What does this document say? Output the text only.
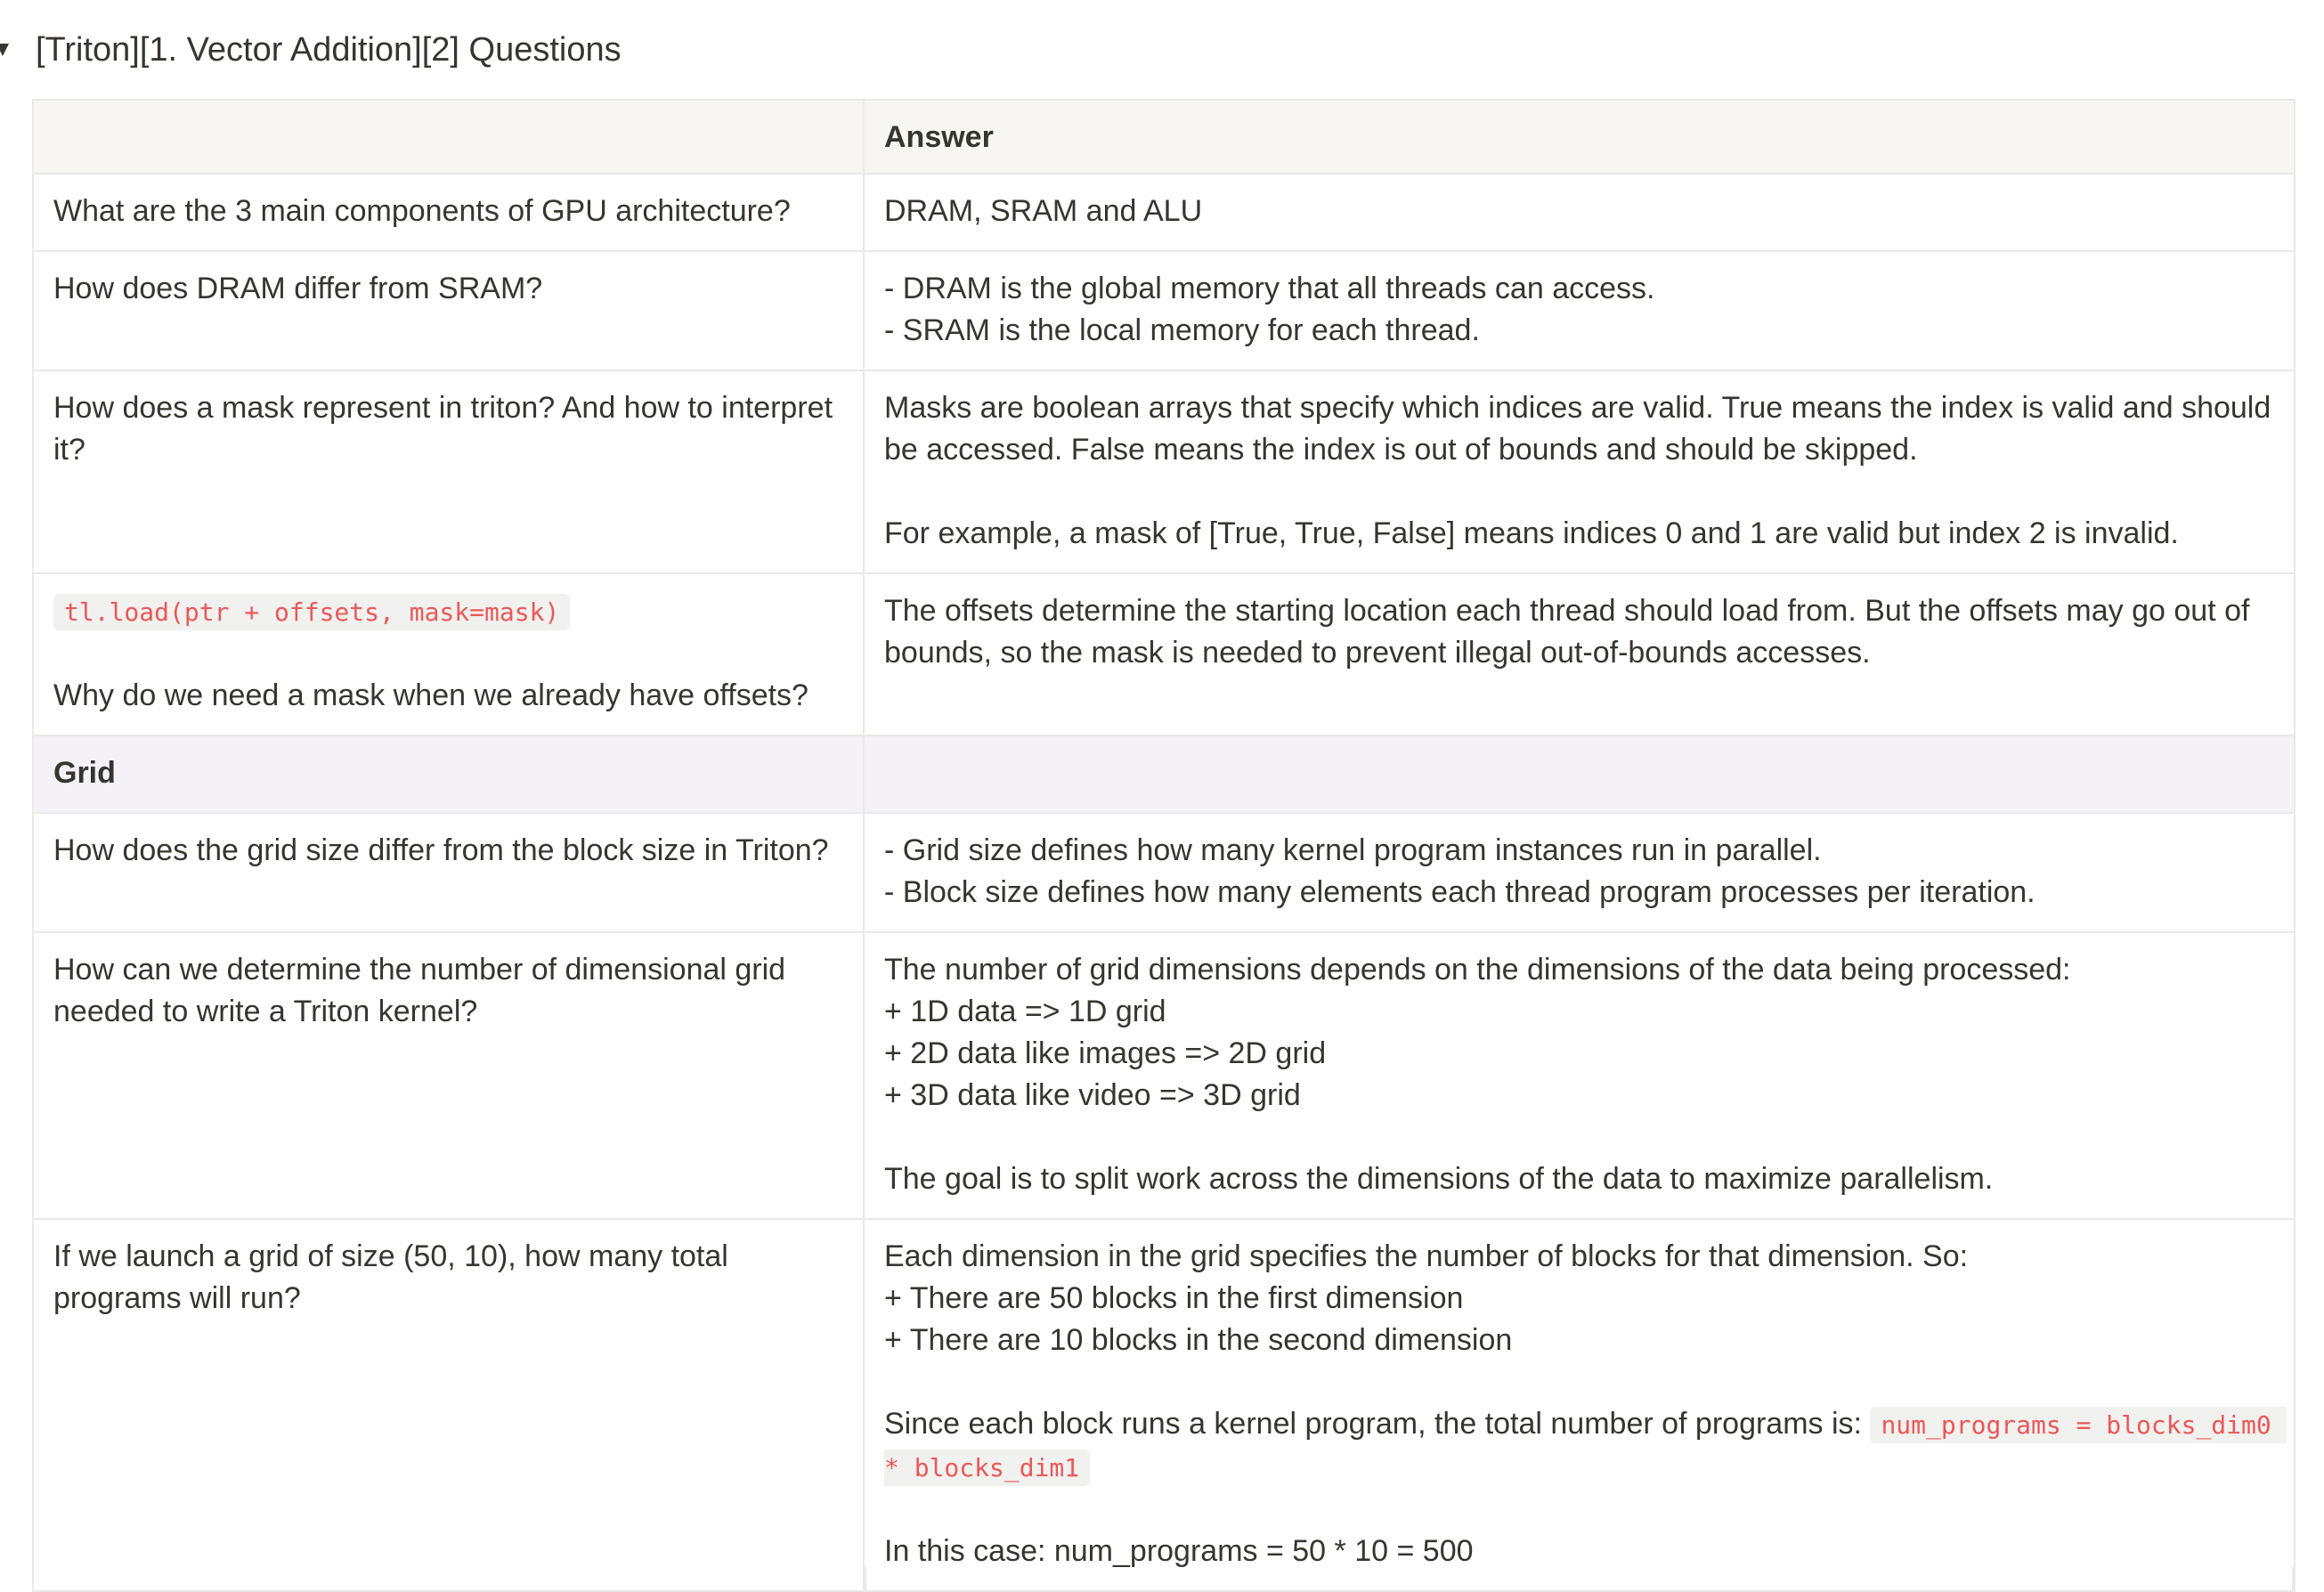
[Triton][1. Vector Addition][2] Questions
	Answer

What are the 3 main components of GPU architecture?	DRAM, SRAM and ALU

How does DRAM differ from SRAM?	- DRAM is the global memory that all threads can access.
- SRAM is the local memory for each thread.

How does a mask represent in triton? And how to interpret it?	Masks are boolean arrays that specify which indices are valid. True means the index is valid and should be accessed. False means the index is out of bounds and should be skipped.
For example, a mask of [True, True, False] means indices 0 and 1 are valid but index 2 is invalid.

tl.load(ptr + offsets, mask=mask)
Why do we need a mask when we already have offsets?	The offsets determine the starting location each thread should load from. But the offsets may go out of bounds, so the mask is needed to prevent illegal out-of-bounds accesses.

Grid	

How does the grid size differ from the block size in Triton?	- Grid size defines how many kernel program instances run in parallel.
- Block size defines how many elements each thread program processes per iteration.

How can we determine the number of dimensional grid needed to write a Triton kernel?	The number of grid dimensions depends on the dimensions of the data being processed:
+ 1D data => 1D grid
+ 2D data like images => 2D grid
+ 3D data like video => 3D grid
The goal is to split work across the dimensions of the data to maximize parallelism.

If we launch a grid of size (50, 10), how many total programs will run?	Each dimension in the grid specifies the number of blocks for that dimension. So:
+ There are 50 blocks in the first dimension
+ There are 10 blocks in the second dimension
Since each block runs a kernel program, the total number of programs is: num_programs = blocks_dim0 * blocks_dim1
In this case: num_programs = 50 * 10 = 500
